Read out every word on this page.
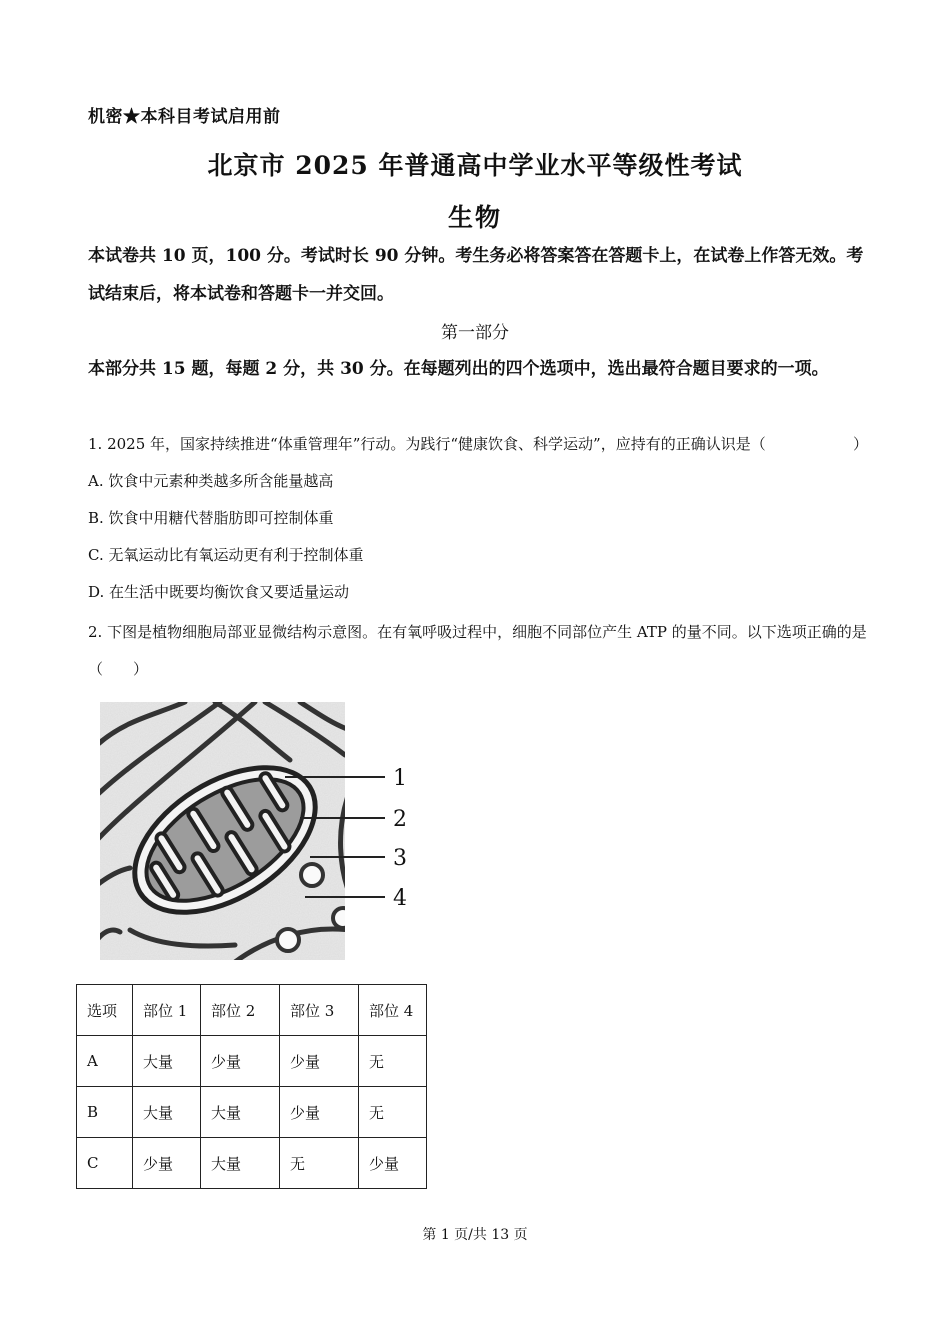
机密★本科目考试启用前
北京市 2025 年普通高中学业水平等级性考试
生物
本试卷共 10 页，100 分。考试时长 90 分钟。考生务必将答案答在答题卡上，在试卷上作答无效。考试结束后，将本试卷和答题卡一并交回。
第一部分
本部分共 15 题，每题 2 分，共 30 分。在每题列出的四个选项中，选出最符合题目要求的一项。
1. 2025 年，国家持续推进“体重管理年”行动。为践行“健康饮食、科学运动”，应持有的正确认识是（	）
A. 饮食中元素种类越多所含能量越高
B. 饮食中用糖代替脂肪即可控制体重
C. 无氧运动比有氧运动更有利于控制体重
D. 在生活中既要均衡饮食又要适量运动
2. 下图是植物细胞局部亚显微结构示意图。在有氧呼吸过程中，细胞不同部位产生 ATP 的量不同。以下选项正确的是（　　）
1
2
3
4
选项	部位 1	部位 2	部位 3	部位 4
A	大量	少量	少量	无
B	大量	大量	少量	无
C	少量	大量	无	少量
第 1 页/共 13 页
